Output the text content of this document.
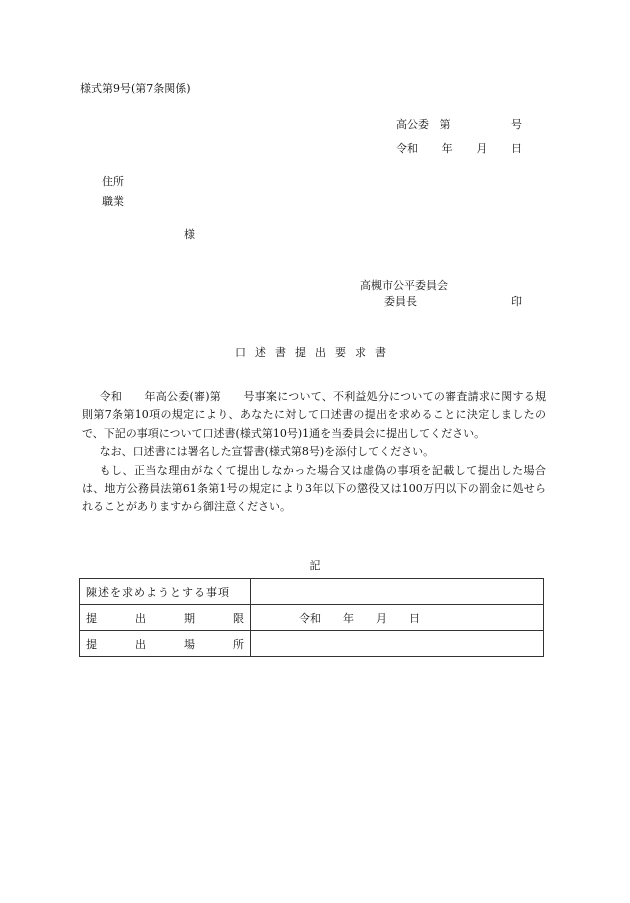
様式第9号(第7条関係)
高公委 第	号
令和 年 月 日
住所
職業
様
高槻市公平委員会
委員長	印
口述書提出要求書

令和　　年高公委(審)第　　号事案について、不利益処分についての審査請求に関する規則第7条第10項の規定により、あなたに対して口述書の提出を求めることに決定しましたので、下記の事項について口述書(様式第10号)1通を当委員会に提出してください。

なお、口述書には署名した宣誓書(様式第8号)を添付してください。

もし、正当な理由がなくて提出しなかった場合又は虚偽の事項を記載して提出した場合は、地方公務員法第61条第1号の規定により3年以下の懲役又は100万円以下の罰金に処せられることがありますから御注意ください。

記
陳述を求めようとする事項	

提 出 期 限	令和 年 月 日

提 出 場 所	
